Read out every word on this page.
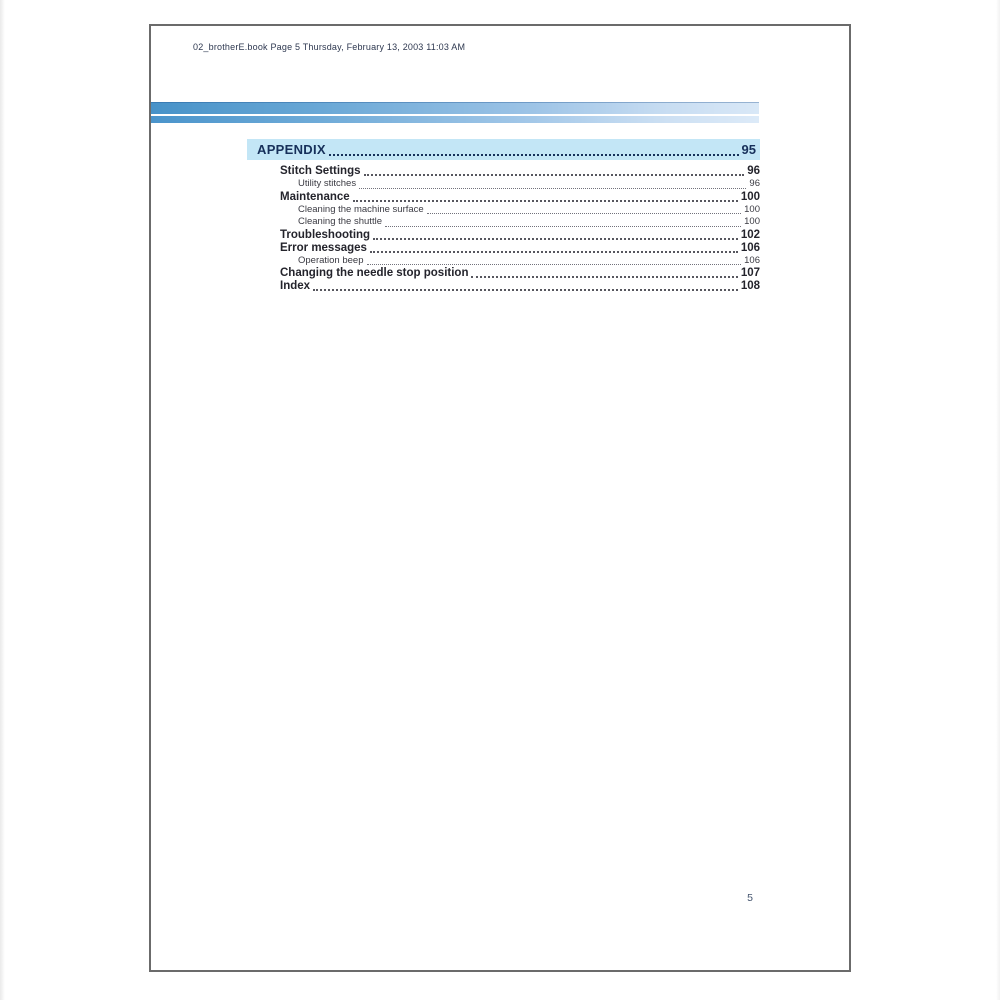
02_brotherE.book Page 5 Thursday, February 13, 2003 11:03 AM
APPENDIX	95
Stitch Settings	96
Utility stitches	96
Maintenance	100
Cleaning the machine surface	100
Cleaning the shuttle	100
Troubleshooting	102
Error messages	106
Operation beep	106
Changing the needle stop position	107
Index	108
5
